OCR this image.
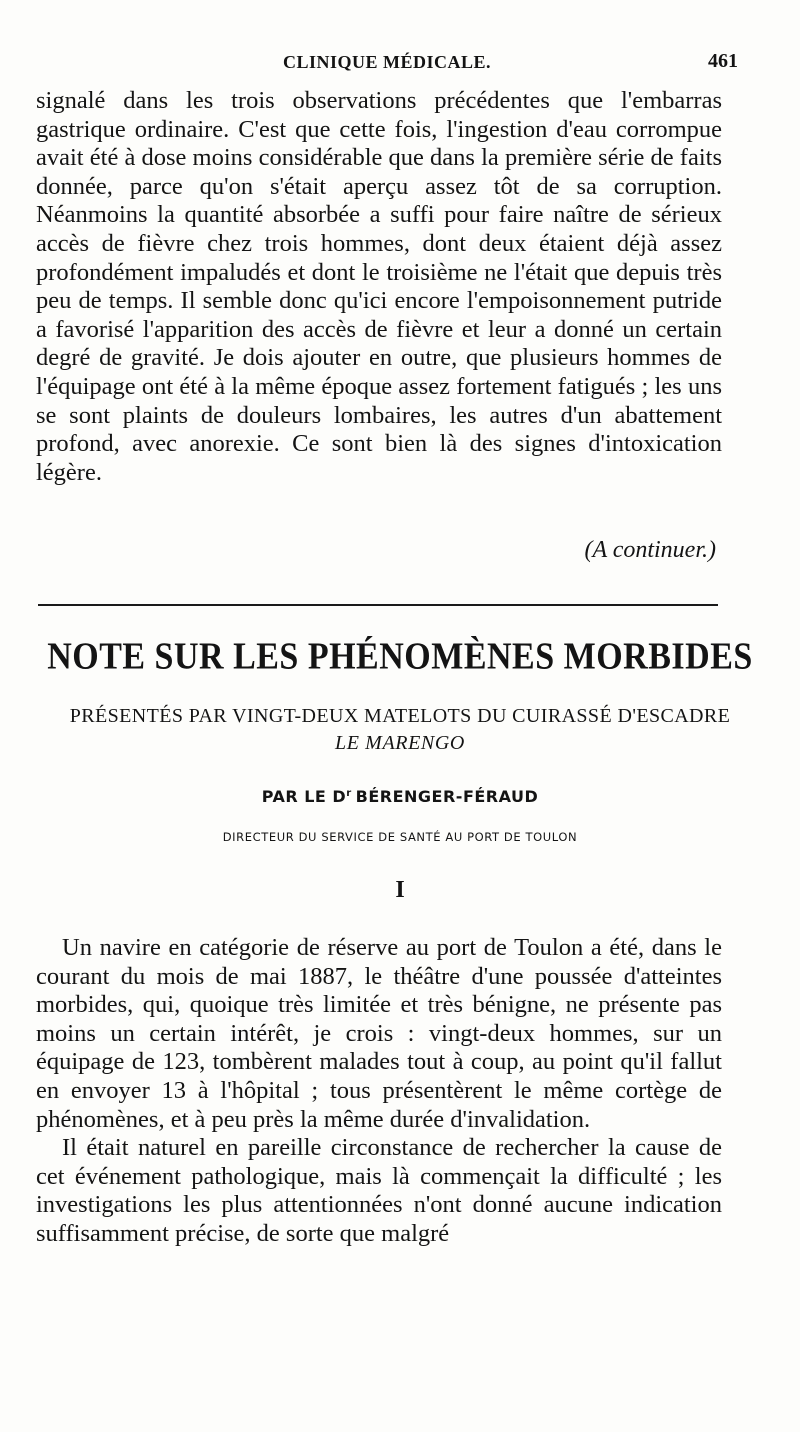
CLINIQUE MÉDICALE.	461

signalé dans les trois observations précédentes que l'embarras gastrique ordinaire. C'est que cette fois, l'ingestion d'eau corrompue avait été à dose moins considérable que dans la première série de faits donnée, parce qu'on s'était aperçu assez tôt de sa corruption. Néanmoins la quantité absorbée a suffi pour faire naître de sérieux accès de fièvre chez trois hommes, dont deux étaient déjà assez profondément impaludés et dont le troisième ne l'était que depuis très peu de temps. Il semble donc qu'ici encore l'empoisonnement putride a favorisé l'apparition des accès de fièvre et leur a donné un certain degré de gravité. Je dois ajouter en outre, que plusieurs hommes de l'équipage ont été à la même époque assez fortement fatigués ; les uns se sont plaints de douleurs lombaires, les autres d'un abattement profond, avec anorexie. Ce sont bien là des signes d'intoxication légère.

(A continuer.)
NOTE SUR LES PHÉNOMÈNES MORBIDES
PRÉSENTÉS PAR VINGT-DEUX MATELOTS DU CUIRASSÉ D'ESCADRE
LE MARENGO
PAR LE $D^r$ BÉRENGER-FÉRAUD
DIRECTEUR DU SERVICE DE SANTÉ AU PORT DE TOULON
I

Un navire en catégorie de réserve au port de Toulon a été, dans le courant du mois de mai 1887, le théâtre d'une poussée d'atteintes morbides, qui, quoique très limitée et très bénigne, ne présente pas moins un certain intérêt, je crois : vingt-deux hommes, sur un équipage de 123, tombèrent malades tout à coup, au point qu'il fallut en envoyer 13 à l'hôpital ; tous présentèrent le même cortège de phénomènes, et à peu près la même durée d'invalidation.

Il était naturel en pareille circonstance de rechercher la cause de cet événement pathologique, mais là commençait la difficulté ; les investigations les plus attentionnées n'ont donné aucune indication suffisamment précise, de sorte que malgré
